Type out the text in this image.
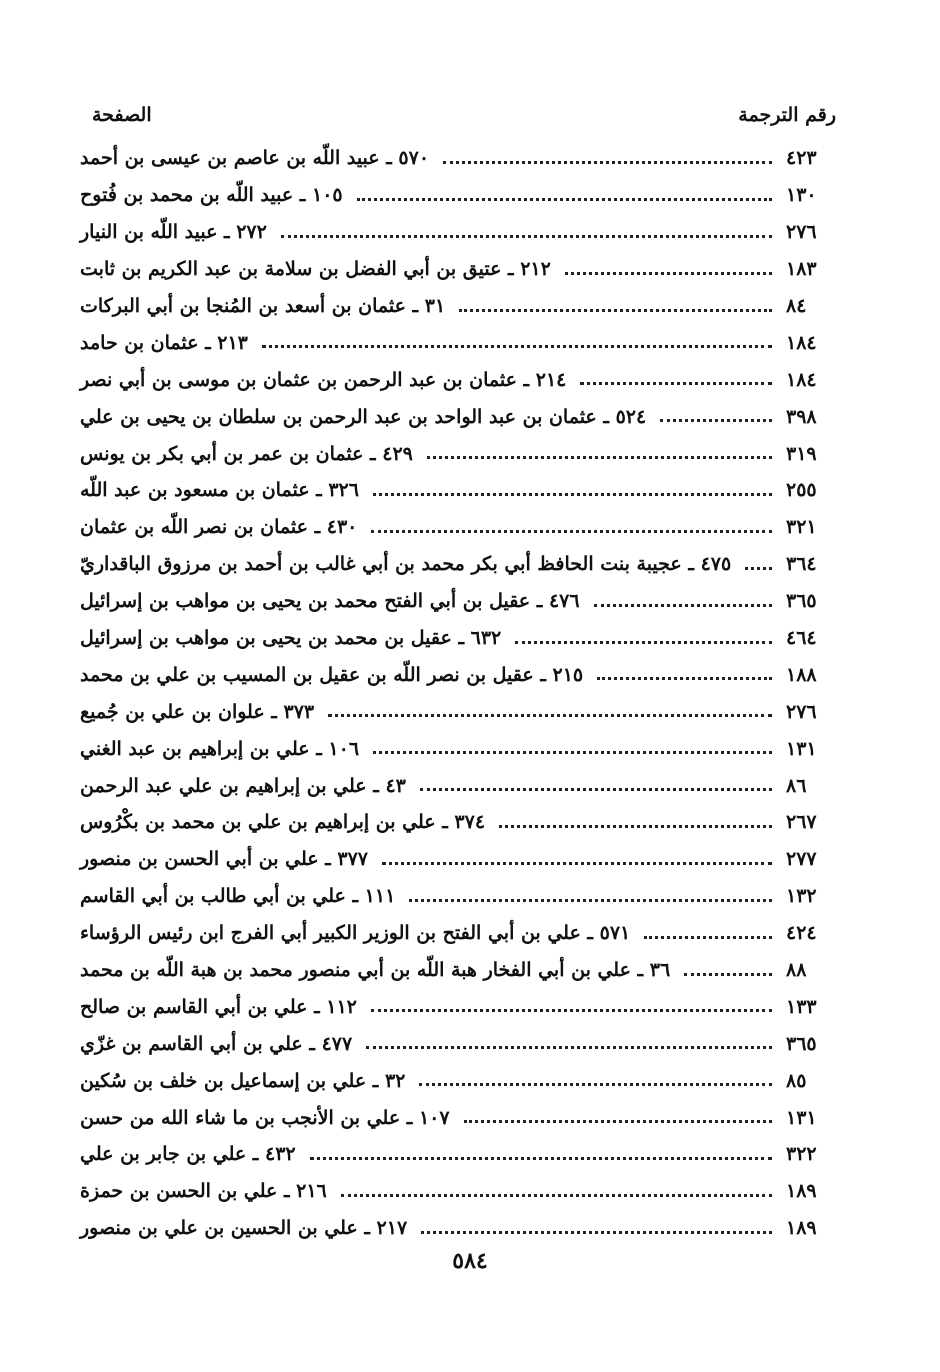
رقم الترجمة
الصفحة
٥٧٠ ـ عبيد اللّه بن عاصم بن عيسى بن أحمد	٤٢٣
١٠٥ ـ عبيد اللّه بن محمد بن فُتوح	١٣٠
٢٧٢ ـ عبيد اللّه بن النيار	٢٧٦
٢١٢ ـ عتيق بن أبي الفضل بن سلامة بن عبد الكريم بن ثابت	١٨٣
٣١ ـ عثمان بن أسعد بن المُنجا بن أبي البركات	٨٤
٢١٣ ـ عثمان بن حامد	١٨٤
٢١٤ ـ عثمان بن عبد الرحمن بن عثمان بن موسى بن أبي نصر	١٨٤
٥٢٤ ـ عثمان بن عبد الواحد بن عبد الرحمن بن سلطان بن يحيى بن علي	٣٩٨
٤٢٩ ـ عثمان بن عمر بن أبي بكر بن يونس	٣١٩
٣٢٦ ـ عثمان بن مسعود بن عبد اللّه	٢٥٥
٤٣٠ ـ عثمان بن نصر اللّه بن عثمان	٣٢١
٤٧٥ ـ عجيبة بنت الحافظ أبي بكر محمد بن أبي غالب بن أحمد بن مرزوق الباقداريّ	٣٦٤
٤٧٦ ـ عقيل بن أبي الفتح محمد بن يحيى بن مواهب بن إسرائيل	٣٦٥
٦٣٢ ـ عقيل بن محمد بن يحيى بن مواهب بن إسرائيل	٤٦٤
٢١٥ ـ عقيل بن نصر اللّه بن عقيل بن المسيب بن علي بن محمد	١٨٨
٣٧٣ ـ علوان بن علي بن جُميع	٢٧٦
١٠٦ ـ علي بن إبراهيم بن عبد الغني	١٣١
٤٣ ـ علي بن إبراهيم بن علي عبد الرحمن	٨٦
٣٧٤ ـ علي بن إبراهيم بن علي بن محمد بن بكْرُوس	٢٦٧
٣٧٧ ـ علي بن أبي الحسن بن منصور	٢٧٧
١١١ ـ علي بن أبي طالب بن أبي القاسم	١٣٢
٥٧١ ـ علي بن أبي الفتح بن الوزير الكبير أبي الفرج ابن رئيس الرؤساء	٤٢٤
٣٦ ـ علي بن أبي الفخار هبة اللّه بن أبي منصور محمد بن هبة اللّه بن محمد	٨٨
١١٢ ـ علي بن أبي القاسم بن صالح	١٣٣
٤٧٧ ـ علي بن أبي القاسم بن غزّي	٣٦٥
٣٢ ـ علي بن إسماعيل بن خلف بن سُكين	٨٥
١٠٧ ـ علي بن الأنجب بن ما شاء الله من حسن	١٣١
٤٣٢ ـ علي بن جابر بن علي	٣٢٢
٢١٦ ـ علي بن الحسن بن حمزة	١٨٩
٢١٧ ـ علي بن الحسين بن علي بن منصور	١٨٩
٥٨٤
